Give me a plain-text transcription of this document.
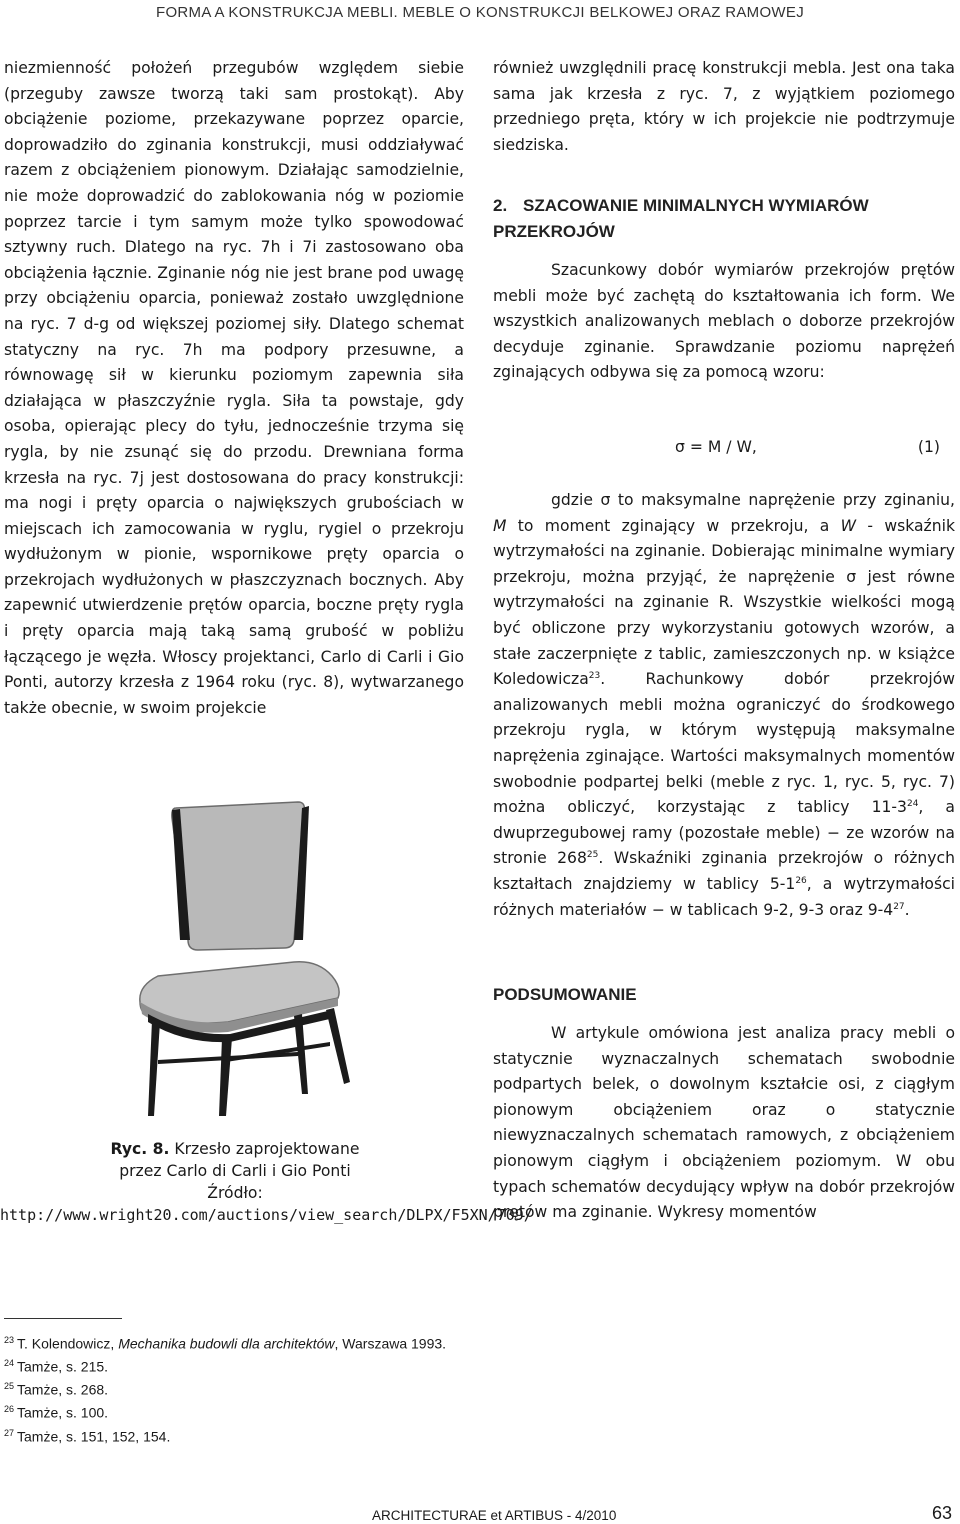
FORMA A KONSTRUKCJA MEBLI. MEBLE O KONSTRUKCJI BELKOWEJ ORAZ RAMOWEJ

niezmienność położeń przegubów względem siebie (przeguby zawsze tworzą taki sam prostokąt). Aby obciążenie poziome, przekazywane poprzez oparcie, doprowadziło do zginania konstrukcji, musi oddziaływać razem z obciążeniem pionowym. Działając samodzielnie, nie może doprowadzić do zablokowania nóg w poziomie poprzez tarcie i tym samym może tylko spowodować sztywny ruch. Dlatego na ryc. 7h i 7i zastosowano oba obciążenia łącznie. Zginanie nóg nie jest brane pod uwagę przy obciążeniu oparcia, ponieważ zostało uwzględnione na ryc. 7 d-g od większej poziomej siły. Dlatego schemat statyczny na ryc. 7h ma podpory przesuwne, a równowagę sił w kierunku poziomym zapewnia siła działająca w płaszczyźnie rygla. Siła ta powstaje, gdy osoba, opierając plecy do tyłu, jednocześnie trzyma się rygla, by nie zsunąć się do przodu. Drewniana forma krzesła na ryc. 7j jest dostosowana do pracy konstrukcji: ma nogi i pręty oparcia o największych grubościach w miejscach ich zamocowania w ryglu, rygiel o przekroju wydłużonym w pionie, wspornikowe pręty oparcia o przekrojach wydłużonych w płaszczyznach bocznych. Aby zapewnić utwierdzenie prętów oparcia, boczne pręty rygla i pręty oparcia mają taką samą grubość w pobliżu łączącego je węzła. Włoscy projektanci, Carlo di Carli i Gio Ponti, autorzy krzesła z 1964 roku (ryc. 8), wytwarzanego także obecnie, w swoim projekcie

Ryc. 8. Krzesło zaprojektowane
przez Carlo di Carli i Gio Ponti
Źródło: http://www.wright20.com/auctions/view_search/DLPX/F5XN/709/

również uwzględnili pracę konstrukcji mebla. Jest ona taka sama jak krzesła z ryc. 7, z wyjątkiem poziomego przedniego pręta, który w ich projekcie nie podtrzymuje siedziska.

2. SZACOWANIE MINIMALNYCH WYMIARÓW PRZEKROJÓW

Szacunkowy dobór wymiarów przekrojów prętów mebli może być zachętą do kształtowania ich form. We wszystkich analizowanych meblach o doborze przekrojów decyduje zginanie. Sprawdzanie poziomu naprężeń zginających odbywa się za pomocą wzoru:

σ = M / W,	(1)

gdzie σ to maksymalne naprężenie przy zginaniu, M to moment zginający w przekroju, a W - wskaźnik wytrzymałości na zginanie. Dobierając minimalne wymiary przekroju, można przyjąć, że naprężenie σ jest równe wytrzymałości na zginanie R. Wszystkie wielkości mogą być obliczone przy wykorzystaniu gotowych wzorów, a stałe zaczerpnięte z tablic, zamieszczonych np. w książce Koledowicza$^{23}$. Rachunkowy dobór przekrojów analizowanych mebli można ograniczyć do środkowego przekroju rygla, w którym występują maksymalne naprężenia zginające. Wartości maksymalnych momentów swobodnie podpartej belki (meble z ryc. 1, ryc. 5, ryc. 7) można obliczyć, korzystając z tablicy $11-3^{24}$, a dwuprzegubowej ramy (pozostałe meble) − ze wzorów na stronie $268^{25}$. Wskaźniki zginania przekrojów o różnych kształtach znajdziemy w tablicy $5-1^{26}$, a wytrzymałości różnych materiałów − w tablicach 9-2, 9-3 oraz $9-4^{27}$.

PODSUMOWANIE

W artykule omówiona jest analiza pracy mebli o statycznie wyznaczalnych schematach swobodnie podpartych belek, o dowolnym kształcie osi, z ciągłym pionowym obciążeniem oraz o statycznie niewyznaczalnych schematach ramowych, z obciążeniem pionowym ciągłym i obciążeniem poziomym. W obu typach schematów decydujący wpływ na dobór przekrojów prętów ma zginanie. Wykresy momentów

$^{23}$ T. Kolendowicz, Mechanika budowli dla architektów, Warszawa 1993.
$^{24}$ Tamże, s. 215.
$^{25}$ Tamże, s. 268.
$^{26}$ Tamże, s. 100.
$^{27}$ Tamże, s. 151, 152, 154.
ARCHITECTURAE et ARTIBUS - 4/2010	63
